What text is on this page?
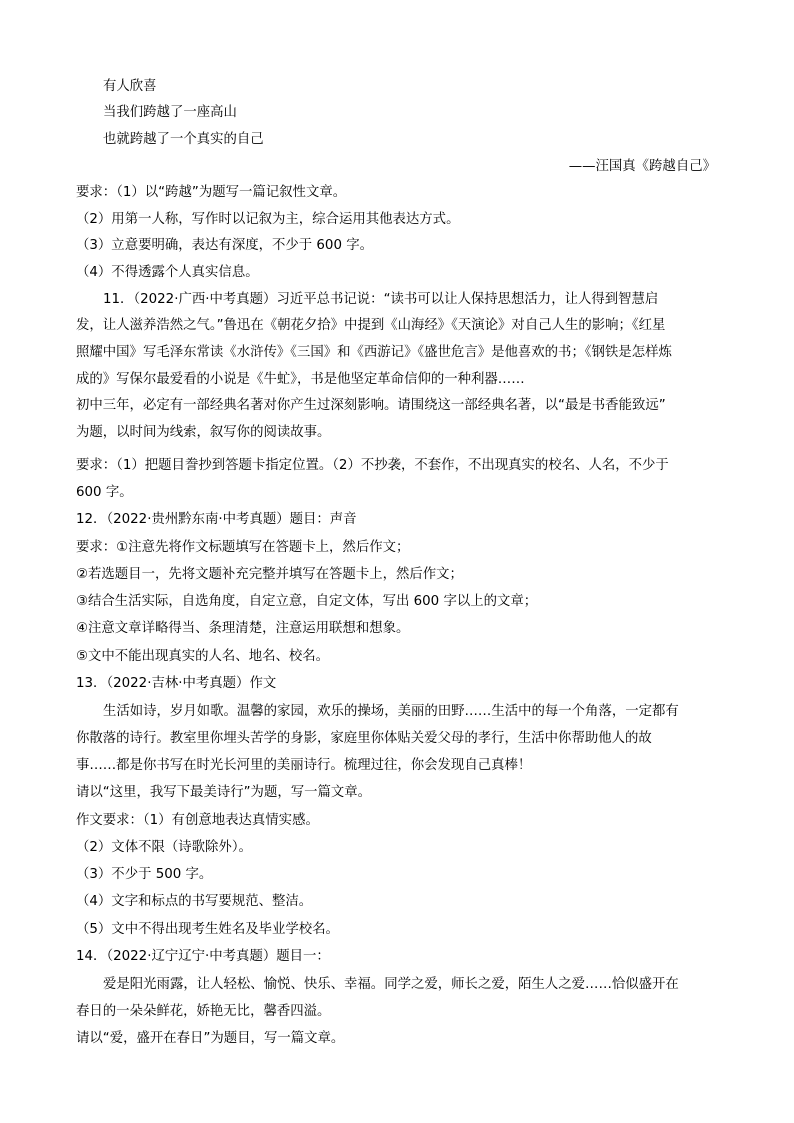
有人欣喜
当我们跨越了一座高山
也就跨越了一个真实的自己
——汪国真《跨越自己》
要求：（1）以“跨越”为题写一篇记叙性文章。
（2）用第一人称，写作时以记叙为主，综合运用其他表达方式。
（3）立意要明确，表达有深度，不少于 600 字。
（4）不得透露个人真实信息。
11．（2022·广西·中考真题）习近平总书记说：“读书可以让人保持思想活力，让人得到智慧启
发，让人滋养浩然之气。”鲁迅在《朝花夕拾》中提到《山海经》《天演论》对自己人生的影响；《红星
照耀中国》写毛泽东常读《水浒传》《三国》和《西游记》《盛世危言》是他喜欢的书；《钢铁是怎样炼
成的》写保尔最爱看的小说是《牛虻》，书是他坚定革命信仰的一种利器……
初中三年，必定有一部经典名著对你产生过深刻影响。请围绕这一部经典名著，以“最是书香能致远”
为题，以时间为线索，叙写你的阅读故事。
要求：（1）把题目誊抄到答题卡指定位置。（2）不抄袭，不套作，不出现真实的校名、人名，不少于
600 字。
12．（2022·贵州黔东南·中考真题）题目：声音
要求：①注意先将作文标题填写在答题卡上，然后作文；
②若选题目一，先将文题补充完整并填写在答题卡上，然后作文；
③结合生活实际，自选角度，自定立意，自定文体，写出 600 字以上的文章；
④注意文章详略得当、条理清楚，注意运用联想和想象。
⑤文中不能出现真实的人名、地名、校名。
13．（2022·吉林·中考真题）作文
生活如诗，岁月如歌。温馨的家园，欢乐的操场，美丽的田野……生活中的每一个角落，一定都有
你散落的诗行。教室里你埋头苦学的身影，家庭里你体贴关爱父母的孝行，生活中你帮助他人的故
事……都是你书写在时光长河里的美丽诗行。梳理过往，你会发现自己真棒！
请以“这里，我写下最美诗行”为题，写一篇文章。
作文要求：（1）有创意地表达真情实感。
（2）文体不限（诗歌除外）。
（3）不少于 500 字。
（4）文字和标点的书写要规范、整洁。
（5）文中不得出现考生姓名及毕业学校名。
14．（2022·辽宁辽宁·中考真题）题目一：
爱是阳光雨露，让人轻松、愉悦、快乐、幸福。同学之爱，师长之爱，陌生人之爱……恰似盛开在
春日的一朵朵鲜花，娇艳无比，馨香四溢。
请以“爱，盛开在春日”为题目，写一篇文章。
